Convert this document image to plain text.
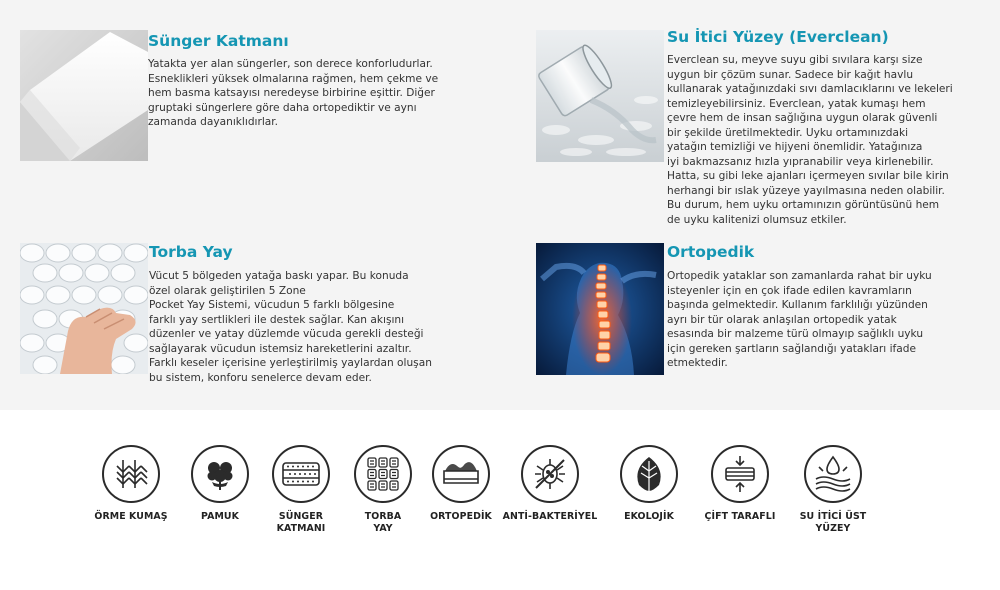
Sünger Katmanı
Yatakta yer alan süngerler, son derece konforludurlar.
Esneklikleri yüksek olmalarına rağmen, hem çekme ve
hem basma katsayısı neredeyse birbirine eşittir. Diğer
gruptaki süngerlere göre daha ortopediktir ve aynı
zamanda dayanıklıdırlar.
Su İtici Yüzey (Everclean)
Everclean su, meyve suyu gibi sıvılara karşı size
uygun bir çözüm sunar. Sadece bir kağıt havlu
kullanarak yatağınızdaki sıvı damlacıklarını ve lekeleri
temizleyebilirsiniz. Everclean, yatak kumaşı hem
çevre hem de insan sağlığına uygun olarak güvenli
bir şekilde üretilmektedir. Uyku ortamınızdaki
yatağın temizliği ve hijyeni önemlidir. Yatağınıza
iyi bakmazsanız hızla yıpranabilir veya kirlenebilir.
Hatta, su gibi leke ajanları içermeyen sıvılar bile kirin
herhangi bir ıslak yüzeye yayılmasına neden olabilir.
Bu durum, hem uyku ortamınızın görüntüsünü hem
de uyku kalitenizi olumsuz etkiler.
Torba Yay
Vücut 5 bölgeden yatağa baskı yapar. Bu konuda
özel olarak geliştirilen 5 Zone
Pocket Yay Sistemi, vücudun 5 farklı bölgesine
farklı yay sertlikleri ile destek sağlar. Kan akışını
düzenler ve yatay düzlemde vücuda gerekli desteği
sağlayarak vücudun istemsiz hareketlerini azaltır.
Farklı keseler içerisine yerleştirilmiş yaylardan oluşan
bu sistem, konforu senelerce devam eder.
Ortopedik
Ortopedik yataklar son zamanlarda rahat bir uyku
isteyenler için en çok ifade edilen kavramların
başında gelmektedir. Kullanım farklılığı yüzünden
ayrı bir tür olarak anlaşılan ortopedik yatak
esasında bir malzeme türü olmayıp sağlıklı uyku
için gereken şartların sağlandığı yatakları ifade
etmektedir.
ÖRME KUMAŞ	PAMUK	SÜNGER
KATMANI
TORBA
YAY
ORTOPEDİK	ANTİ-BAKTERİYEL	EKOLOJİK	ÇİFT TARAFLI	SU İTİCİ ÜST
YÜZEY
